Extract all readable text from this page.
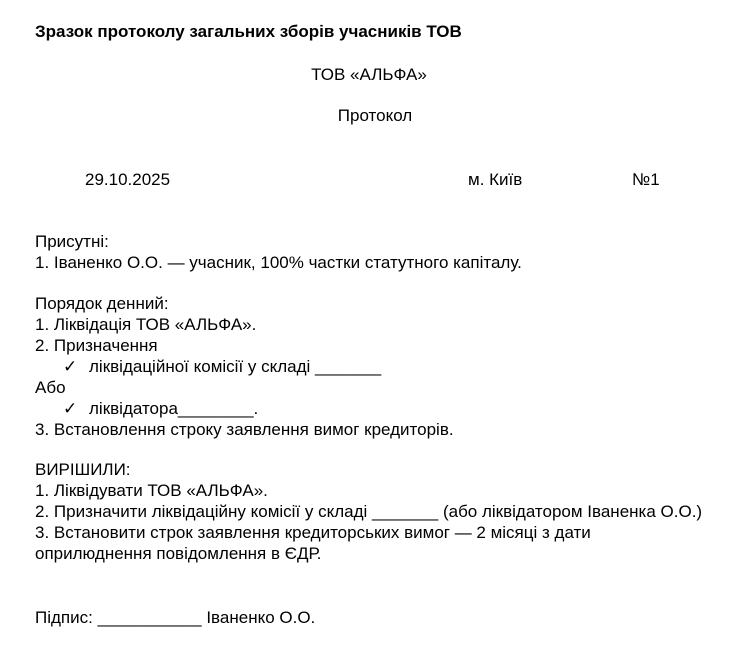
Зразок протоколу загальних зборів учасників ТОВ
ТОВ «АЛЬФА»
Протокол
29.10.2025	м. Київ	№1
Присутні:
1. Іваненко О.О. — учасник, 100% частки статутного капіталу.
Порядок денний:
1. Ліквідація ТОВ «АЛЬФА».
2. Призначення
✓ ліквідаційної комісії у складі _______
Або
✓ ліквідатора________.
3. Встановлення строку заявлення вимог кредиторів.
ВИРІШИЛИ:
1. Ліквідувати ТОВ «АЛЬФА».
2. Призначити ліквідаційну комісії у складі _______ (або ліквідатором Іваненка О.О.)
3. Встановити строк заявлення кредиторських вимог — 2 місяці з дати оприлюднення повідомлення в ЄДР.
Підпис: ___________ Іваненко О.О.
